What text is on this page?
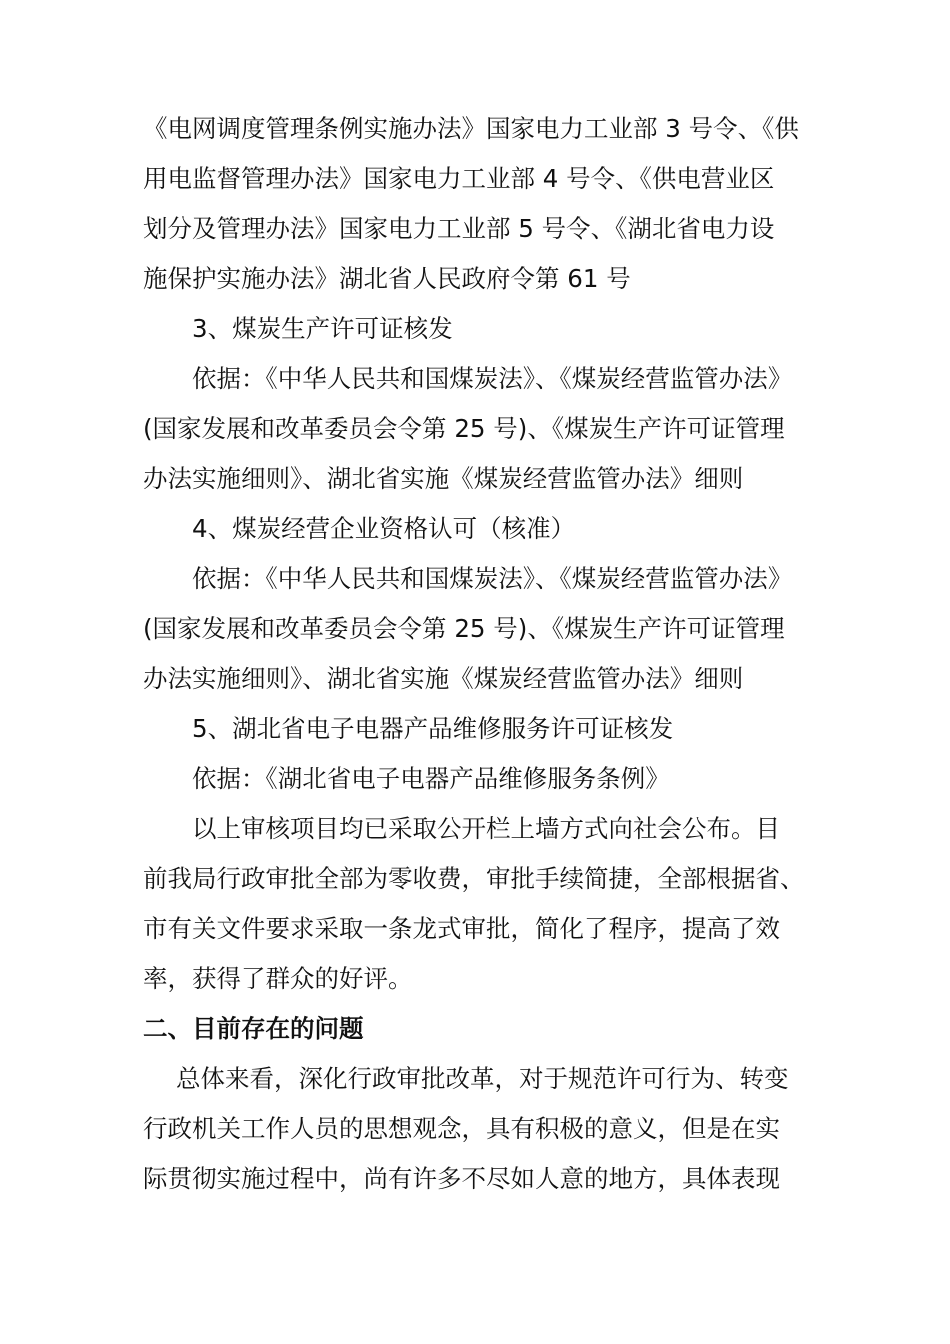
《电网调度管理条例实施办法》国家电力工业部 3 号令、《供
用电监督管理办法》国家电力工业部 4 号令、《供电营业区
划分及管理办法》国家电力工业部 5 号令、《湖北省电力设
施保护实施办法》湖北省人民政府令第 61 号
3、煤炭生产许可证核发
依据：《中华人民共和国煤炭法》、《煤炭经营监管办法》
(国家发展和改革委员会令第 25 号)、《煤炭生产许可证管理
办法实施细则》、湖北省实施《煤炭经营监管办法》细则
4、煤炭经营企业资格认可（核准）
依据：《中华人民共和国煤炭法》、《煤炭经营监管办法》
(国家发展和改革委员会令第 25 号)、《煤炭生产许可证管理
办法实施细则》、湖北省实施《煤炭经营监管办法》细则
5、湖北省电子电器产品维修服务许可证核发
依据：《湖北省电子电器产品维修服务条例》
以上审核项目均已采取公开栏上墙方式向社会公布。目
前我局行政审批全部为零收费，审批手续简捷，全部根据省、
市有关文件要求采取一条龙式审批，简化了程序，提高了效
率，获得了群众的好评。
二、目前存在的问题
总体来看，深化行政审批改革，对于规范许可行为、转变
行政机关工作人员的思想观念，具有积极的意义，但是在实
际贯彻实施过程中，尚有许多不尽如人意的地方，具体表现
